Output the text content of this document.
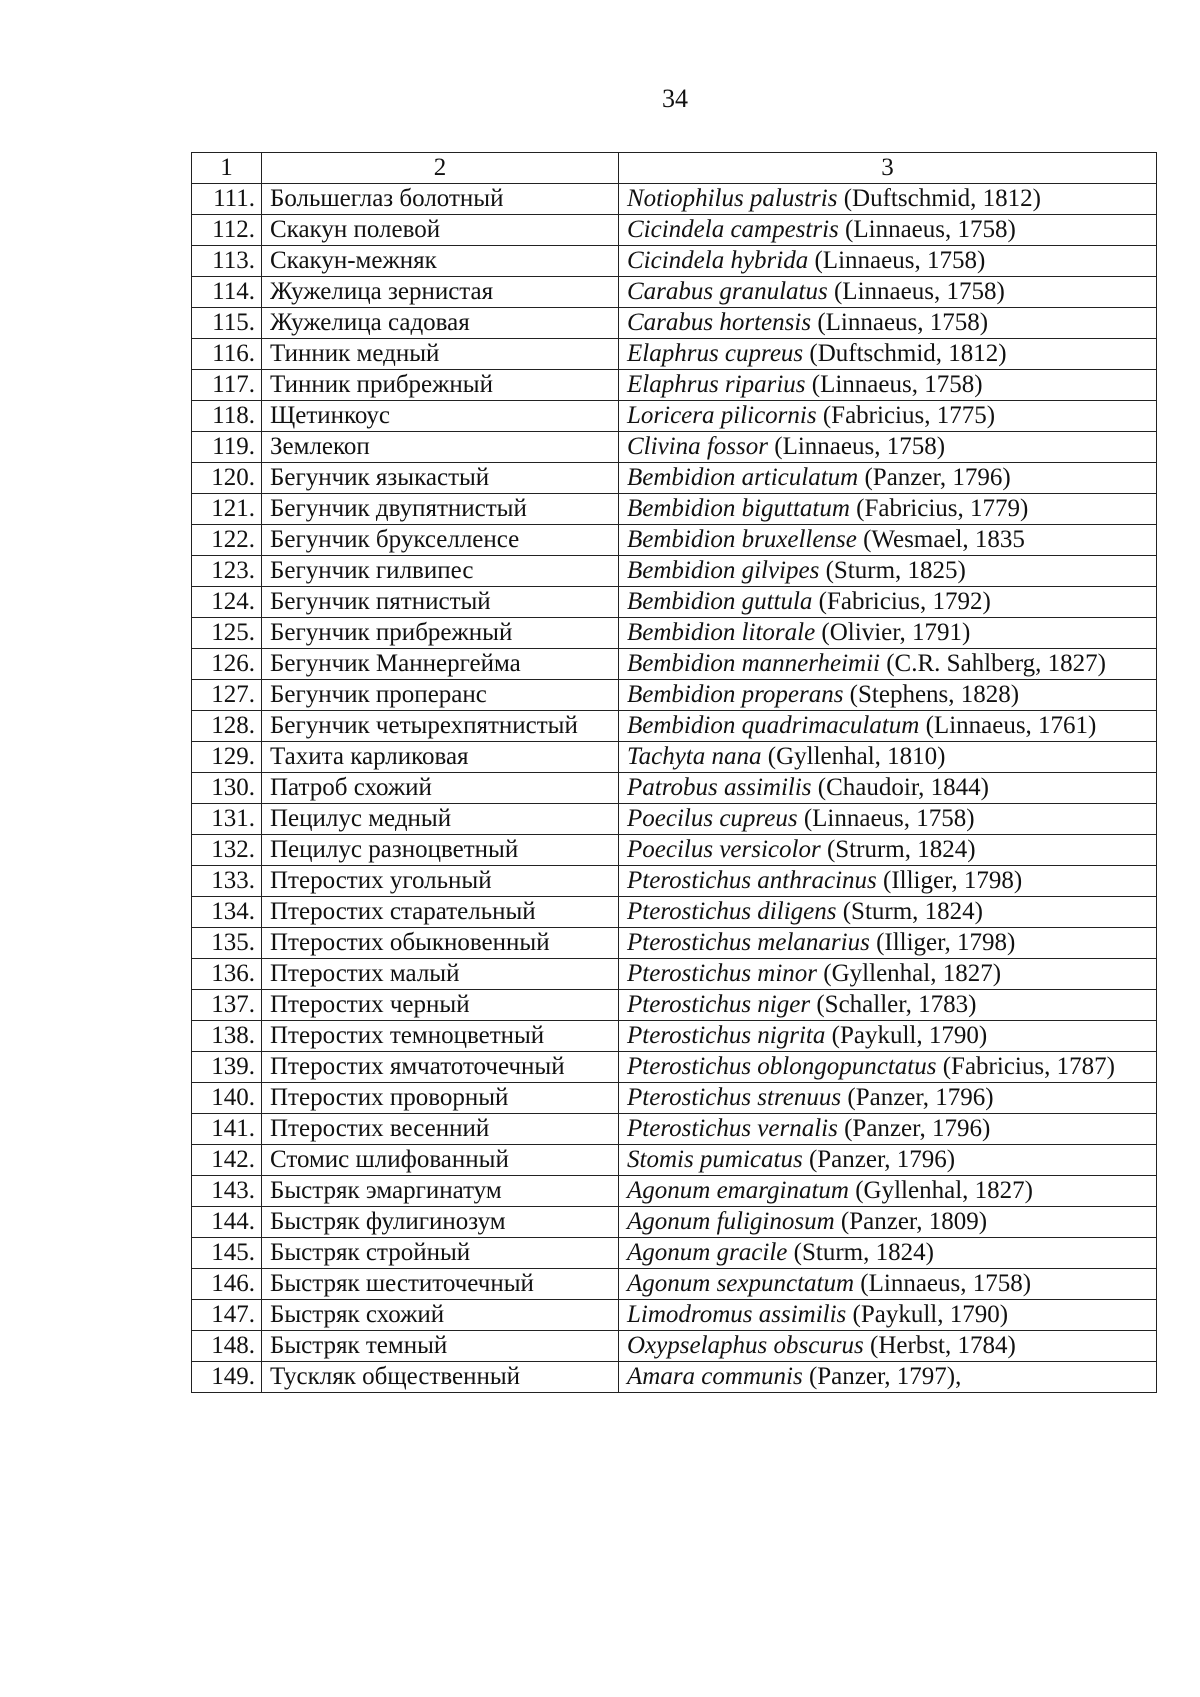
34
1	2	3
111.	Большеглаз болотный	Notiophilus palustris (Duftschmid, 1812)
112.	Скакун полевой	Cicindela campestris (Linnaeus, 1758)
113.	Скакун-межняк	Cicindela hybrida (Linnaeus, 1758)
114.	Жужелица зернистая	Carabus granulatus (Linnaeus, 1758)
115.	Жужелица садовая	Carabus hortensis (Linnaeus, 1758)
116.	Тинник медный	Elaphrus cupreus (Duftschmid, 1812)
117.	Тинник прибрежный	Elaphrus riparius (Linnaeus, 1758)
118.	Щетинкоус	Loricera pilicornis (Fabricius, 1775)
119.	Землекоп	Clivina fossor (Linnaeus, 1758)
120.	Бегунчик языкастый	Bembidion articulatum (Panzer, 1796)
121.	Бегунчик двупятнистый	Bembidion biguttatum (Fabricius, 1779)
122.	Бегунчик брукселленсе	Bembidion bruxellense (Wesmael, 1835
123.	Бегунчик гилвипес	Bembidion gilvipes (Sturm, 1825)
124.	Бегунчик пятнистый	Bembidion guttula (Fabricius, 1792)
125.	Бегунчик прибрежный	Bembidion litorale (Olivier, 1791)
126.	Бегунчик Маннергейма	Bembidion mannerheimii (C.R. Sahlberg, 1827)
127.	Бегунчик проперанс	Bembidion properans (Stephens, 1828)
128.	Бегунчик четырехпятнистый	Bembidion quadrimaculatum (Linnaeus, 1761)
129.	Тахита карликовая	Tachyta nana (Gyllenhal, 1810)
130.	Патроб схожий	Patrobus assimilis (Chaudoir, 1844)
131.	Пецилус медный	Poecilus cupreus (Linnaeus, 1758)
132.	Пецилус разноцветный	Poecilus versicolor (Strurm, 1824)
133.	Птеростих угольный	Pterostichus anthracinus (Illiger, 1798)
134.	Птеростих старательный	Pterostichus diligens (Sturm, 1824)
135.	Птеростих обыкновенный	Pterostichus melanarius (Illiger, 1798)
136.	Птеростих малый	Pterostichus minor (Gyllenhal, 1827)
137.	Птеростих черный	Pterostichus niger (Schaller, 1783)
138.	Птеростих темноцветный	Pterostichus nigrita (Paykull, 1790)
139.	Птеростих ямчатоточечный	Pterostichus oblongopunctatus (Fabricius, 1787)
140.	Птеростих проворный	Pterostichus strenuus (Panzer, 1796)
141.	Птеростих весенний	Pterostichus vernalis (Panzer, 1796)
142.	Стомис шлифованный	Stomis pumicatus (Panzer, 1796)
143.	Быстряк эмаргинатум	Agonum emarginatum (Gyllenhal, 1827)
144.	Быстряк фулигинозум	Agonum fuliginosum (Panzer, 1809)
145.	Быстряк стройный	Agonum gracile (Sturm, 1824)
146.	Быстряк шеститочечный	Agonum sexpunctatum (Linnaeus, 1758)
147.	Быстряк схожий	Limodromus assimilis (Paykull, 1790)
148.	Быстряк темный	Oxypselaphus obscurus (Herbst, 1784)
149.	Тускляк общественный	Amara communis (Panzer, 1797),
